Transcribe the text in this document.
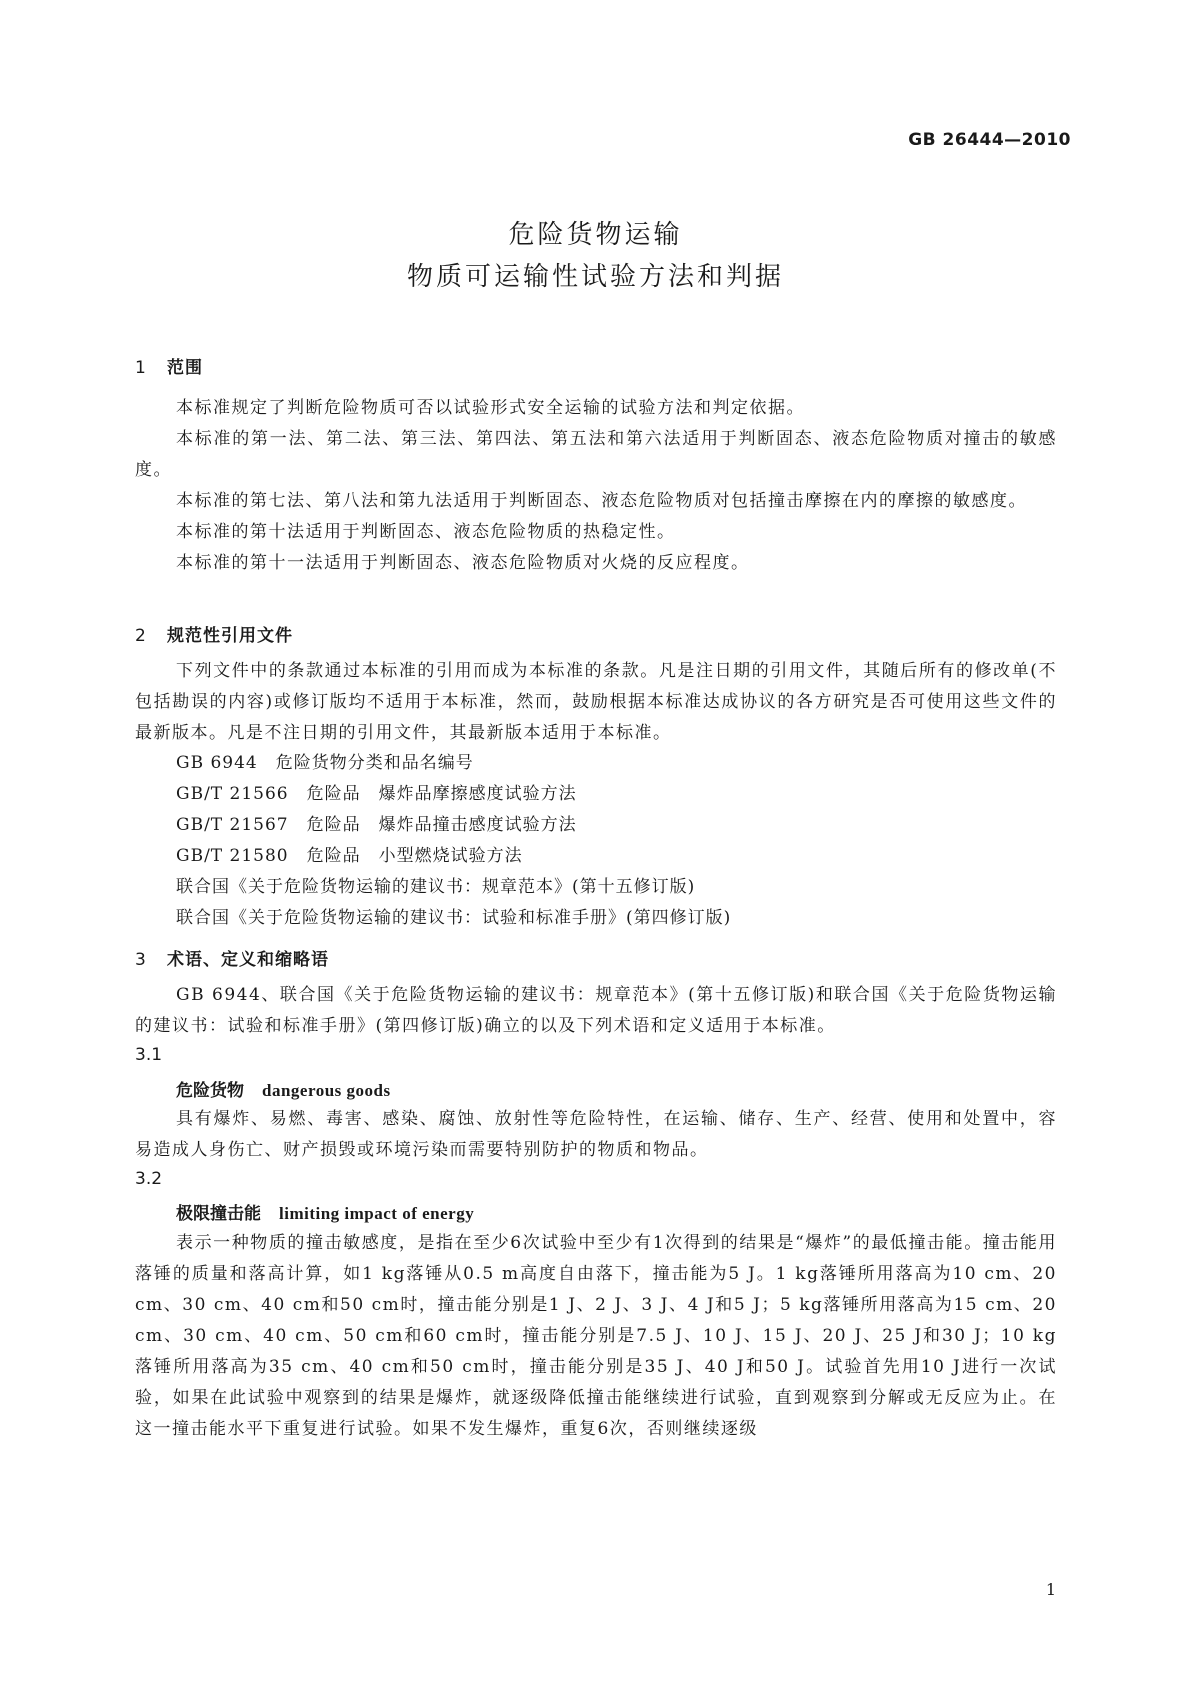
GB 26444—2010
危险货物运输
物质可运输性试验方法和判据
1 范围

本标准规定了判断危险物质可否以试验形式安全运输的试验方法和判定依据。

本标准的第一法、第二法、第三法、第四法、第五法和第六法适用于判断固态、液态危险物质对撞击的敏感度。

本标准的第七法、第八法和第九法适用于判断固态、液态危险物质对包括撞击摩擦在内的摩擦的敏感度。

本标准的第十法适用于判断固态、液态危险物质的热稳定性。

本标准的第十一法适用于判断固态、液态危险物质对火烧的反应程度。

2 规范性引用文件

下列文件中的条款通过本标准的引用而成为本标准的条款。凡是注日期的引用文件，其随后所有的修改单(不包括勘误的内容)或修订版均不适用于本标准，然而，鼓励根据本标准达成协议的各方研究是否可使用这些文件的最新版本。凡是不注日期的引用文件，其最新版本适用于本标准。

GB 6944　危险货物分类和品名编号
GB/T 21566　危险品　爆炸品摩擦感度试验方法
GB/T 21567　危险品　爆炸品撞击感度试验方法
GB/T 21580　危险品　小型燃烧试验方法
联合国《关于危险货物运输的建议书：规章范本》(第十五修订版)
联合国《关于危险货物运输的建议书：试验和标准手册》(第四修订版)
3 术语、定义和缩略语

GB 6944、联合国《关于危险货物运输的建议书：规章范本》(第十五修订版)和联合国《关于危险货物运输的建议书：试验和标准手册》(第四修订版)确立的以及下列术语和定义适用于本标准。

3.1
危险货物 dangerous goods

具有爆炸、易燃、毒害、感染、腐蚀、放射性等危险特性，在运输、储存、生产、经营、使用和处置中，容易造成人身伤亡、财产损毁或环境污染而需要特别防护的物质和物品。

3.2
极限撞击能 limiting impact of energy

表示一种物质的撞击敏感度，是指在至少6次试验中至少有1次得到的结果是“爆炸”的最低撞击能。撞击能用落锤的质量和落高计算，如1 kg落锤从0.5 m高度自由落下，撞击能为5 J。1 kg落锤所用落高为10 cm、20 cm、30 cm、40 cm和50 cm时，撞击能分别是1 J、2 J、3 J、4 J和5 J；5 kg落锤所用落高为15 cm、20 cm、30 cm、40 cm、50 cm和60 cm时，撞击能分别是7.5 J、10 J、15 J、20 J、25 J和30 J；10 kg落锤所用落高为35 cm、40 cm和50 cm时，撞击能分别是35 J、40 J和50 J。试验首先用10 J进行一次试验，如果在此试验中观察到的结果是爆炸，就逐级降低撞击能继续进行试验，直到观察到分解或无反应为止。在这一撞击能水平下重复进行试验。如果不发生爆炸，重复6次，否则继续逐级

1
